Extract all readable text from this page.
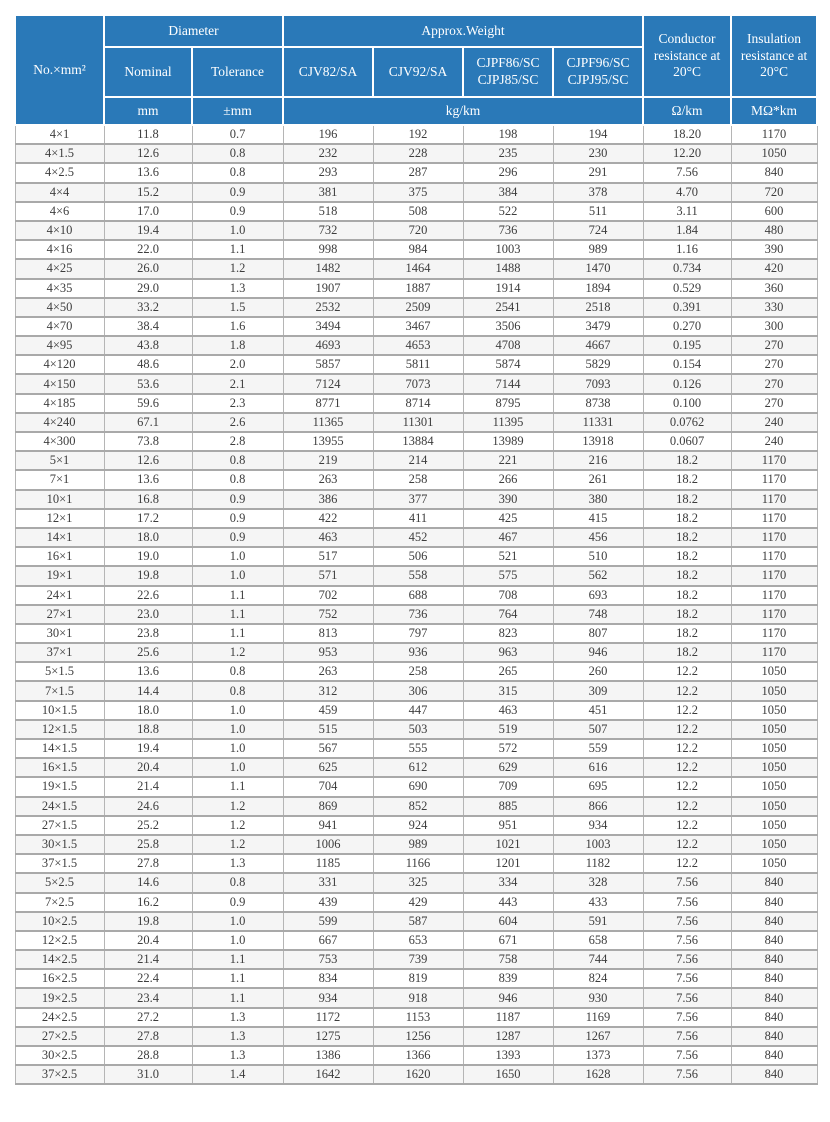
No.×mm²	Diameter		Approx.Weight				Conductor resistance at 20°C	Insulation resistance at 20°C
	Nominal	Tolerance	CJV82/SA	CJV92/SA	CJPF86/SC CJPJ85/SC	CJPF96/SC CJPJ95/SC		
	mm	±mm	kg/km				Ω/km	MΩ*km
4×1	11.8	0.7	196	192	198	194	18.20	1170
4×1.5	12.6	0.8	232	228	235	230	12.20	1050
4×2.5	13.6	0.8	293	287	296	291	7.56	840
4×4	15.2	0.9	381	375	384	378	4.70	720
4×6	17.0	0.9	518	508	522	511	3.11	600
4×10	19.4	1.0	732	720	736	724	1.84	480
4×16	22.0	1.1	998	984	1003	989	1.16	390
4×25	26.0	1.2	1482	1464	1488	1470	0.734	420
4×35	29.0	1.3	1907	1887	1914	1894	0.529	360
4×50	33.2	1.5	2532	2509	2541	2518	0.391	330
4×70	38.4	1.6	3494	3467	3506	3479	0.270	300
4×95	43.8	1.8	4693	4653	4708	4667	0.195	270
4×120	48.6	2.0	5857	5811	5874	5829	0.154	270
4×150	53.6	2.1	7124	7073	7144	7093	0.126	270
4×185	59.6	2.3	8771	8714	8795	8738	0.100	270
4×240	67.1	2.6	11365	11301	11395	11331	0.0762	240
4×300	73.8	2.8	13955	13884	13989	13918	0.0607	240
5×1	12.6	0.8	219	214	221	216	18.2	1170
7×1	13.6	0.8	263	258	266	261	18.2	1170
10×1	16.8	0.9	386	377	390	380	18.2	1170
12×1	17.2	0.9	422	411	425	415	18.2	1170
14×1	18.0	0.9	463	452	467	456	18.2	1170
16×1	19.0	1.0	517	506	521	510	18.2	1170
19×1	19.8	1.0	571	558	575	562	18.2	1170
24×1	22.6	1.1	702	688	708	693	18.2	1170
27×1	23.0	1.1	752	736	764	748	18.2	1170
30×1	23.8	1.1	813	797	823	807	18.2	1170
37×1	25.6	1.2	953	936	963	946	18.2	1170
5×1.5	13.6	0.8	263	258	265	260	12.2	1050
7×1.5	14.4	0.8	312	306	315	309	12.2	1050
10×1.5	18.0	1.0	459	447	463	451	12.2	1050
12×1.5	18.8	1.0	515	503	519	507	12.2	1050
14×1.5	19.4	1.0	567	555	572	559	12.2	1050
16×1.5	20.4	1.0	625	612	629	616	12.2	1050
19×1.5	21.4	1.1	704	690	709	695	12.2	1050
24×1.5	24.6	1.2	869	852	885	866	12.2	1050
27×1.5	25.2	1.2	941	924	951	934	12.2	1050
30×1.5	25.8	1.2	1006	989	1021	1003	12.2	1050
37×1.5	27.8	1.3	1185	1166	1201	1182	12.2	1050
5×2.5	14.6	0.8	331	325	334	328	7.56	840
7×2.5	16.2	0.9	439	429	443	433	7.56	840
10×2.5	19.8	1.0	599	587	604	591	7.56	840
12×2.5	20.4	1.0	667	653	671	658	7.56	840
14×2.5	21.4	1.1	753	739	758	744	7.56	840
16×2.5	22.4	1.1	834	819	839	824	7.56	840
19×2.5	23.4	1.1	934	918	946	930	7.56	840
24×2.5	27.2	1.3	1172	1153	1187	1169	7.56	840
27×2.5	27.8	1.3	1275	1256	1287	1267	7.56	840
30×2.5	28.8	1.3	1386	1366	1393	1373	7.56	840
37×2.5	31.0	1.4	1642	1620	1650	1628	7.56	840
